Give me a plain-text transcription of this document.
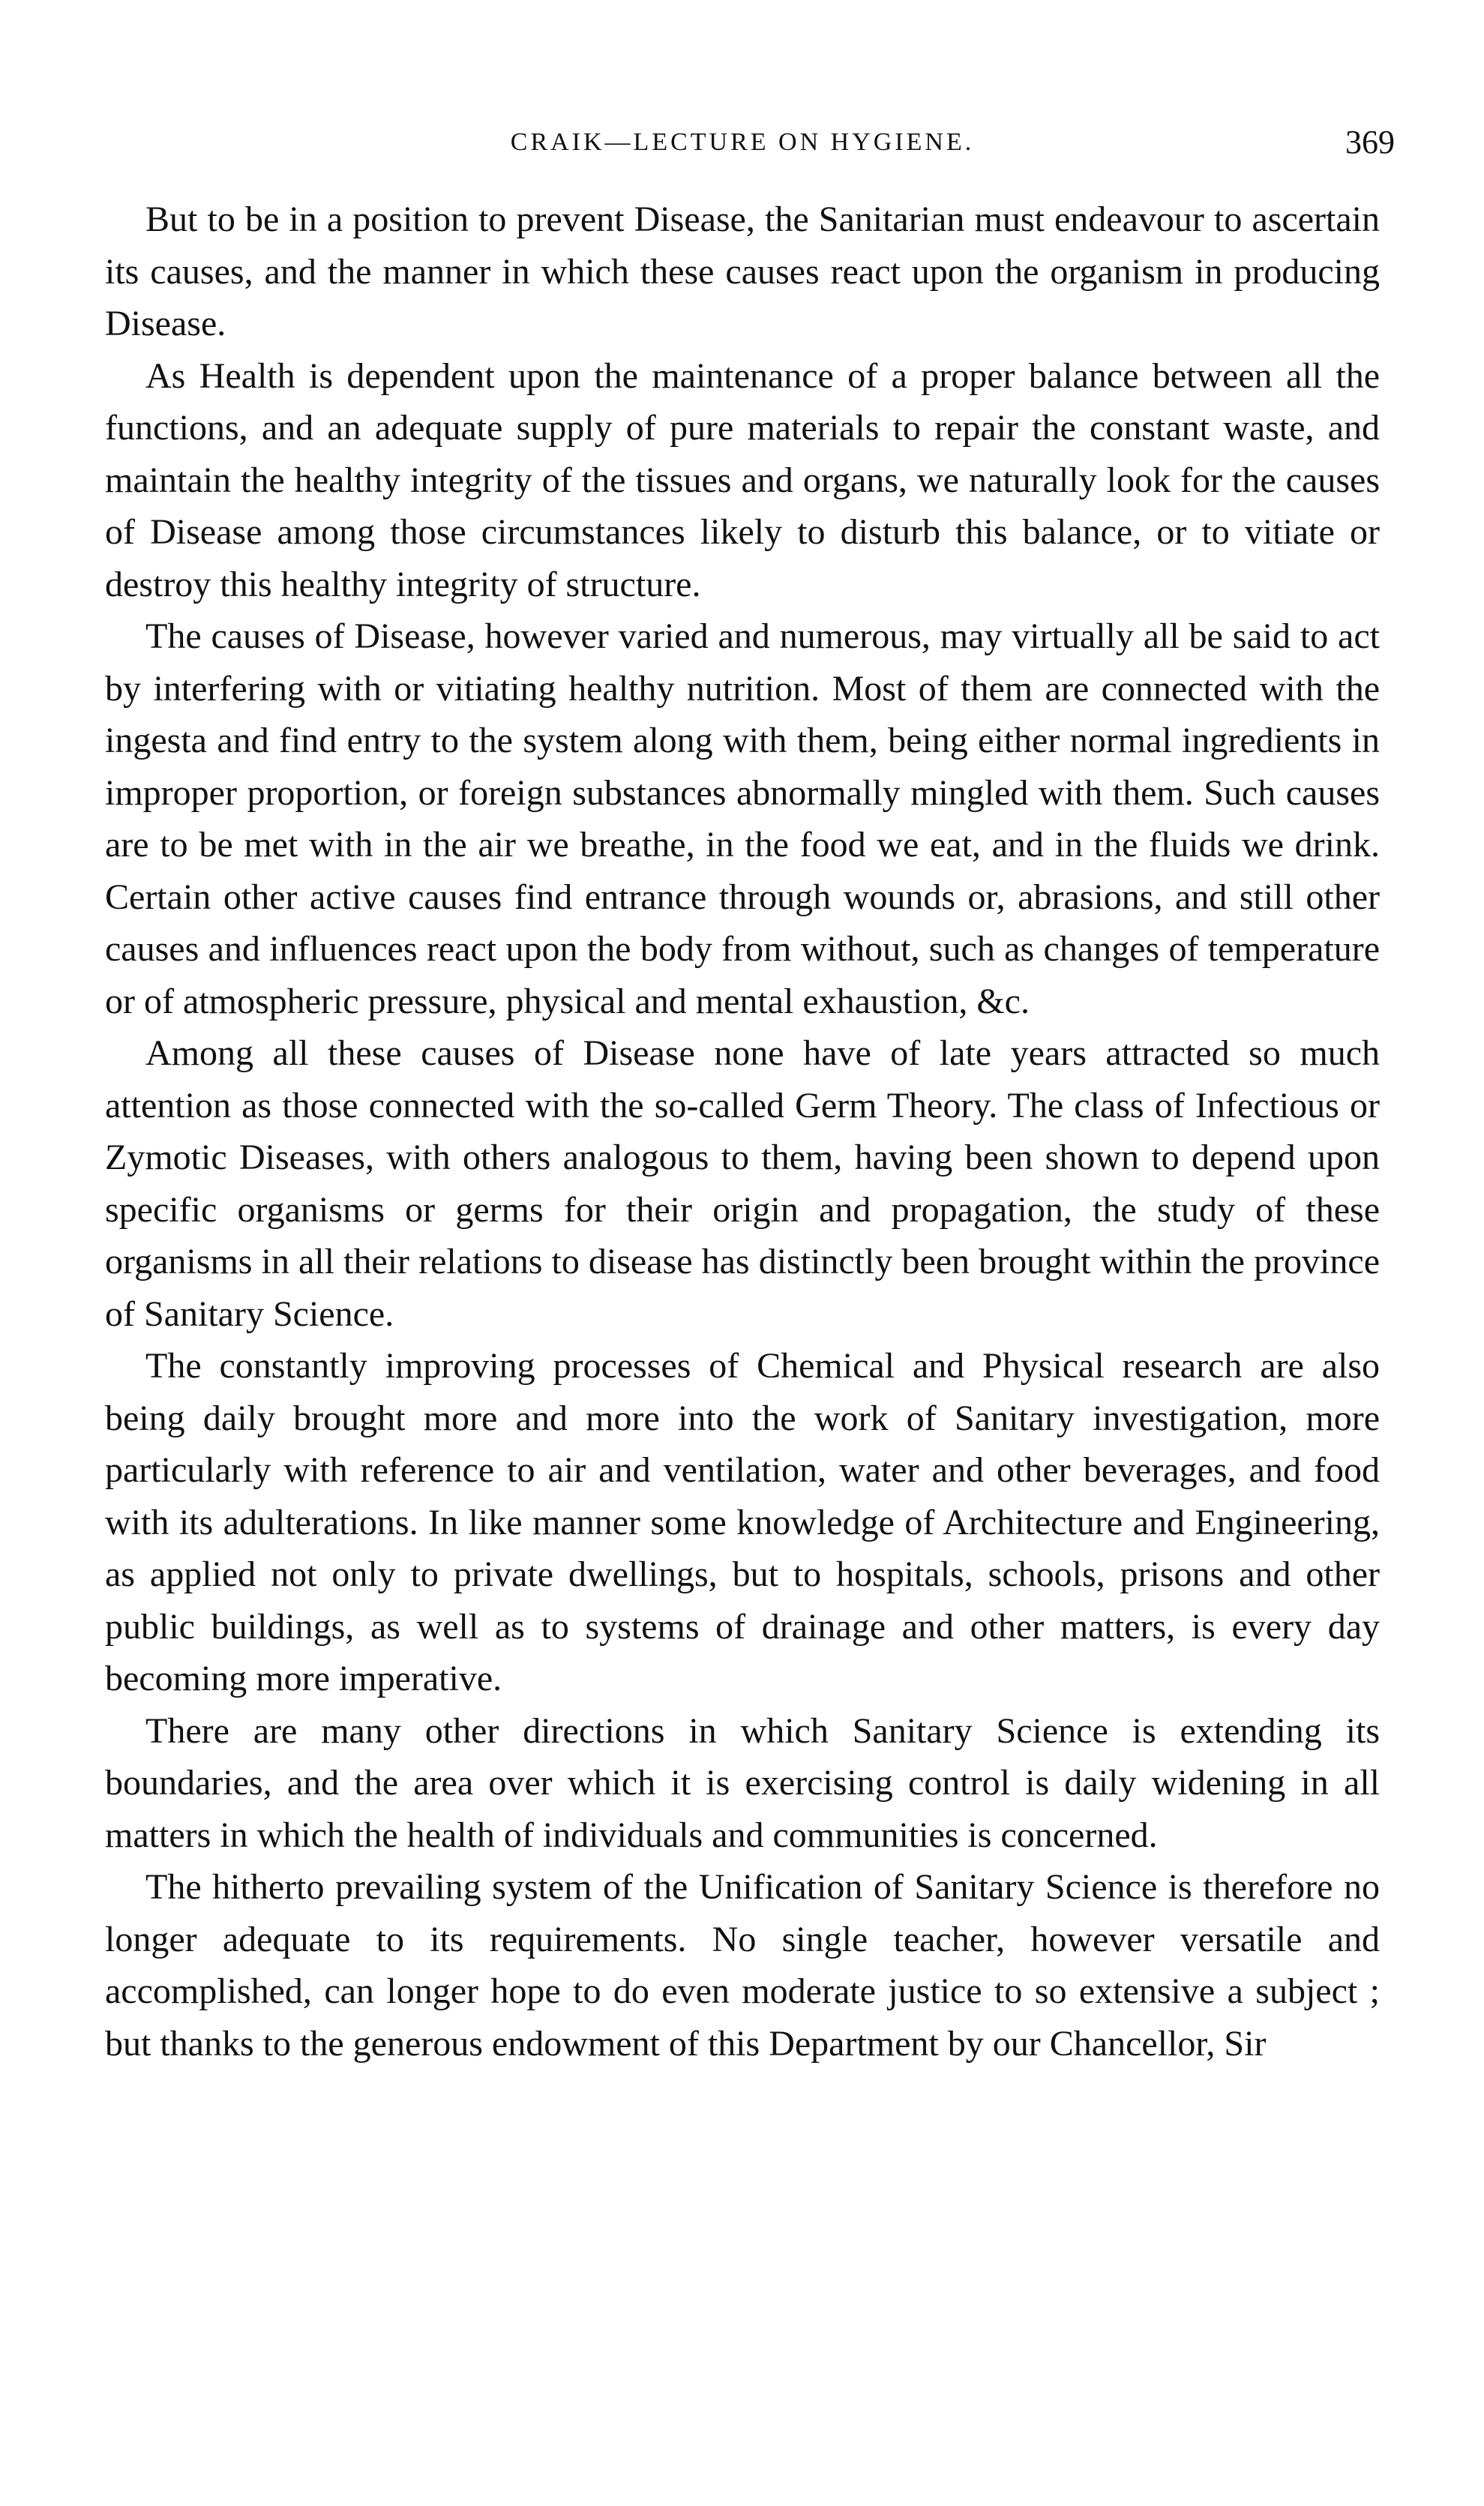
CRAIK—LECTURE ON HYGIENE.	369

But to be in a position to prevent Disease, the Sanitarian must endeavour to ascertain its causes, and the manner in which these causes react upon the organism in producing Disease.

As Health is dependent upon the maintenance of a proper balance between all the functions, and an adequate supply of pure materials to repair the constant waste, and maintain the healthy integrity of the tissues and organs, we naturally look for the causes of Disease among those circumstances likely to disturb this balance, or to vitiate or destroy this healthy integrity of structure.

The causes of Disease, however varied and numerous, may virtually all be said to act by interfering with or vitiating healthy nutrition. Most of them are connected with the ingesta and find entry to the system along with them, being either normal ingredients in improper proportion, or foreign substances abnormally mingled with them. Such causes are to be met with in the air we breathe, in the food we eat, and in the fluids we drink. Certain other active causes find entrance through wounds or, abrasions, and still other causes and influences react upon the body from without, such as changes of temperature or of atmospheric pressure, physical and mental exhaustion, &c.

Among all these causes of Disease none have of late years attracted so much attention as those connected with the so-called Germ Theory. The class of Infectious or Zymotic Diseases, with others analogous to them, having been shown to depend upon specific organisms or germs for their origin and propagation, the study of these organisms in all their relations to disease has distinctly been brought within the province of Sanitary Science.

The constantly improving processes of Chemical and Physical research are also being daily brought more and more into the work of Sanitary investigation, more particularly with reference to air and ventilation, water and other beverages, and food with its adulterations. In like manner some knowledge of Architecture and Engineering, as applied not only to private dwellings, but to hospitals, schools, prisons and other public buildings, as well as to systems of drainage and other matters, is every day becoming more imperative.

There are many other directions in which Sanitary Science is extending its boundaries, and the area over which it is exercising control is daily widening in all matters in which the health of individuals and communities is concerned.

The hitherto prevailing system of the Unification of Sanitary Science is therefore no longer adequate to its requirements. No single teacher, however versatile and accomplished, can longer hope to do even moderate justice to so extensive a subject ; but thanks to the generous endowment of this Department by our Chancellor, Sir
